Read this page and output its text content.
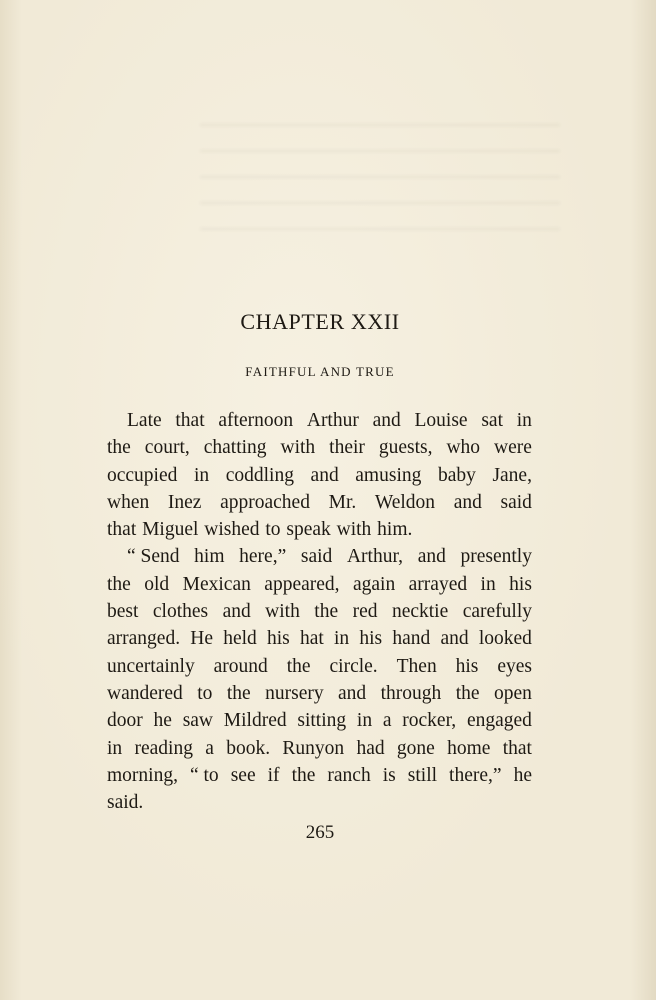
CHAPTER XXII
FAITHFUL AND TRUE
Late that afternoon Arthur and Louise sat in
the court, chatting with their guests, who were
occupied in coddling and amusing baby Jane,
when Inez approached Mr. Weldon and said
that Miguel wished to speak with him.
“ Send him here,” said Arthur, and presently
the old Mexican appeared, again arrayed in his
best clothes and with the red necktie carefully
arranged. He held his hat in his hand and looked
uncertainly around the circle. Then his eyes
wandered to the nursery and through the open
door he saw Mildred sitting in a rocker, engaged
in reading a book. Runyon had gone home that
morning, “ to see if the ranch is still there,” he
said.

265
